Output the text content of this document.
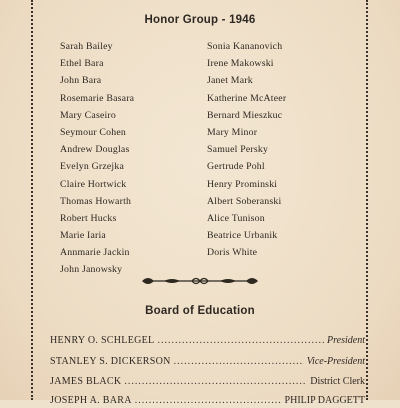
Honor Group - 1946
Sarah Bailey
Ethel Bara
John Bara
Rosemarie Basara
Mary Caseiro
Seymour Cohen
Andrew Douglas
Evelyn Grzejka
Claire Hortwick
Thomas Howarth
Robert Hucks
Marie Iaria
Annmarie Jackin
John Janowsky
Sonia Kananovich
Irene Makowski
Janet Mark
Katherine McAteer
Bernard Mieszkuc
Mary Minor
Samuel Persky
Gertrude Pohl
Henry Prominski
Albert Soberanski
Alice Tunison
Beatrice Urbanik
Doris White
Board of Education
HENRY O. SCHLEGEL .....	President
STANLEY S. DICKERSON .....	Vice-President
JAMES BLACK .....	District Clerk
JOSEPH A. BARA .....	PHILIP DAGGETT
